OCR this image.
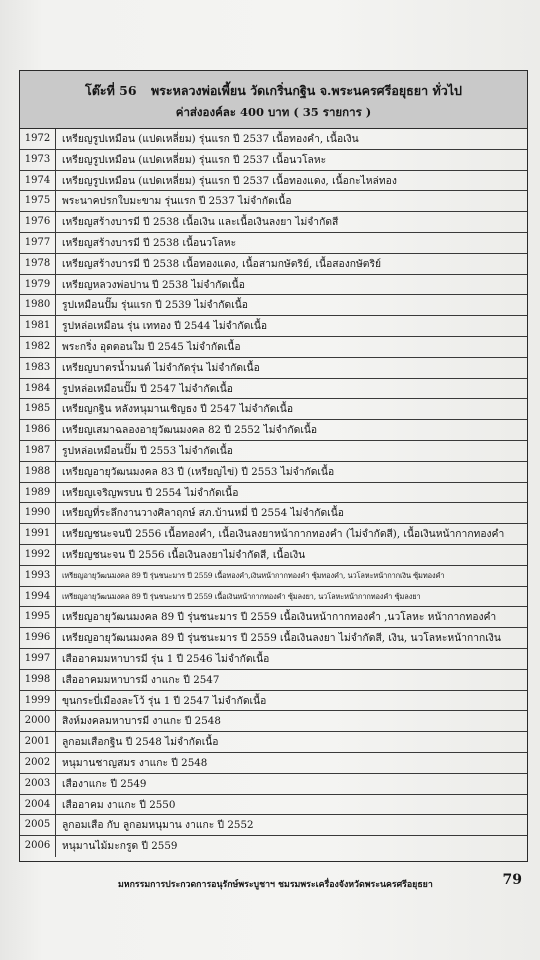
โต๊ะที่ 56 พระหลวงพ่อเพี้ยน วัดเกริ่นกฐิน จ.พระนครศรีอยุธยา ทั่วไป
ค่าส่งองค์ละ 400 บาท ( 35 รายการ )
1972	เหรียญรูปเหมือน (แปดเหลี่ยม) รุ่นแรก ปี 2537 เนื้อทองคำ, เนื้อเงิน
1973	เหรียญรูปเหมือน (แปดเหลี่ยม) รุ่นแรก ปี 2537 เนื้อนวโลหะ
1974	เหรียญรูปเหมือน (แปดเหลี่ยม) รุ่นแรก ปี 2537 เนื้อทองแดง, เนื้อกะไหล่ทอง
1975	พระนาคปรกใบมะขาม รุ่นแรก ปี 2537 ไม่จำกัดเนื้อ
1976	เหรียญสร้างบารมี ปี 2538 เนื้อเงิน และเนื้อเงินลงยา ไม่จำกัดสี
1977	เหรียญสร้างบารมี ปี 2538 เนื้อนวโลหะ
1978	เหรียญสร้างบารมี ปี 2538 เนื้อทองแดง, เนื้อสามกษัตริย์, เนื้อสองกษัตริย์
1979	เหรียญหลวงพ่อปาน ปี 2538 ไม่จำกัดเนื้อ
1980	รูปเหมือนปั๊ม รุ่นแรก ปี 2539 ไม่จำกัดเนื้อ
1981	รูปหล่อเหมือน รุ่น เททอง ปี 2544 ไม่จำกัดเนื้อ
1982	พระกริ่ง อุดตอนใม ปี 2545 ไม่จำกัดเนื้อ
1983	เหรียญบาตรน้ำมนต์ ไม่จำกัดรุ่น ไม่จำกัดเนื้อ
1984	รูปหล่อเหมือนปั๊ม ปี 2547 ไม่จำกัดเนื้อ
1985	เหรียญกฐิน หลังหนุมานเชิญธง ปี 2547 ไม่จำกัดเนื้อ
1986	เหรียญเสมาฉลองอายุวัฒนมงคล 82 ปี 2552 ไม่จำกัดเนื้อ
1987	รูปหล่อเหมือนปั๊ม ปี 2553 ไม่จำกัดเนื้อ
1988	เหรียญอายุวัฒนมงคล 83 ปี (เหรียญไข่) ปี 2553 ไม่จำกัดเนื้อ
1989	เหรียญเจริญพรบน ปี 2554 ไม่จำกัดเนื้อ
1990	เหรียญที่ระลึกงานวางศิลาฤกษ์ สภ.บ้านหมี่ ปี 2554 ไม่จำกัดเนื้อ
1991	เหรียญชนะจนปี 2556 เนื้อทองคำ, เนื้อเงินลงยาหน้ากากทองคำ (ไม่จำกัดสี), เนื้อเงินหน้ากากทองคำ
1992	เหรียญชนะจน ปี 2556 เนื้อเงินลงยาไม่จำกัดสี, เนื้อเงิน
1993	เหรียญอายุวัฒนมงคล 89 ปี รุ่นชนะมาร ปี 2559 เนื้อทองคำ,เงินหน้ากากทองคำ ซุ้มทองคำ, นวโลหะหน้ากากเงิน ซุ้มทองคำ
1994	เหรียญอายุวัฒนมงคล 89 ปี รุ่นชนะมาร ปี 2559 เนื้อเงินหน้ากากทองคำ ซุ้มลงยา, นวโลหะหน้ากากทองคำ ซุ้มลงยา
1995	เหรียญอายุวัฒนมงคล 89 ปี รุ่นชนะมาร ปี 2559 เนื้อเงินหน้ากากทองคำ ,นวโลหะ หน้ากากทองคำ
1996	เหรียญอายุวัฒนมงคล 89 ปี รุ่นชนะมาร ปี 2559 เนื้อเงินลงยา ไม่จำกัดสี, เงิน, นวโลหะหน้ากากเงิน
1997	เสืออาคมมหาบารมี รุ่น 1 ปี 2546 ไม่จำกัดเนื้อ
1998	เสืออาคมมหาบารมี งาแกะ ปี 2547
1999	ขุนกระบี่เมืองละโว้ รุ่น 1 ปี 2547 ไม่จำกัดเนื้อ
2000	สิงห์มงคลมหาบารมี งาแกะ ปี 2548
2001	ลูกอมเสือกฐิน ปี 2548 ไม่จำกัดเนื้อ
2002	หนุมานชาญสมร งาแกะ ปี 2548
2003	เสืองาแกะ ปี 2549
2004	เสืออาคม งาแกะ ปี 2550
2005	ลูกอมเสือ กับ ลูกอมหนุมาน งาแกะ ปี 2552
2006	หนุมานไม้มะกรูด ปี 2559
มหกรรมการประกวดการอนุรักษ์พระบูชาฯ ชมรมพระเครื่องจังหวัดพระนครศรีอยุธยา	79
